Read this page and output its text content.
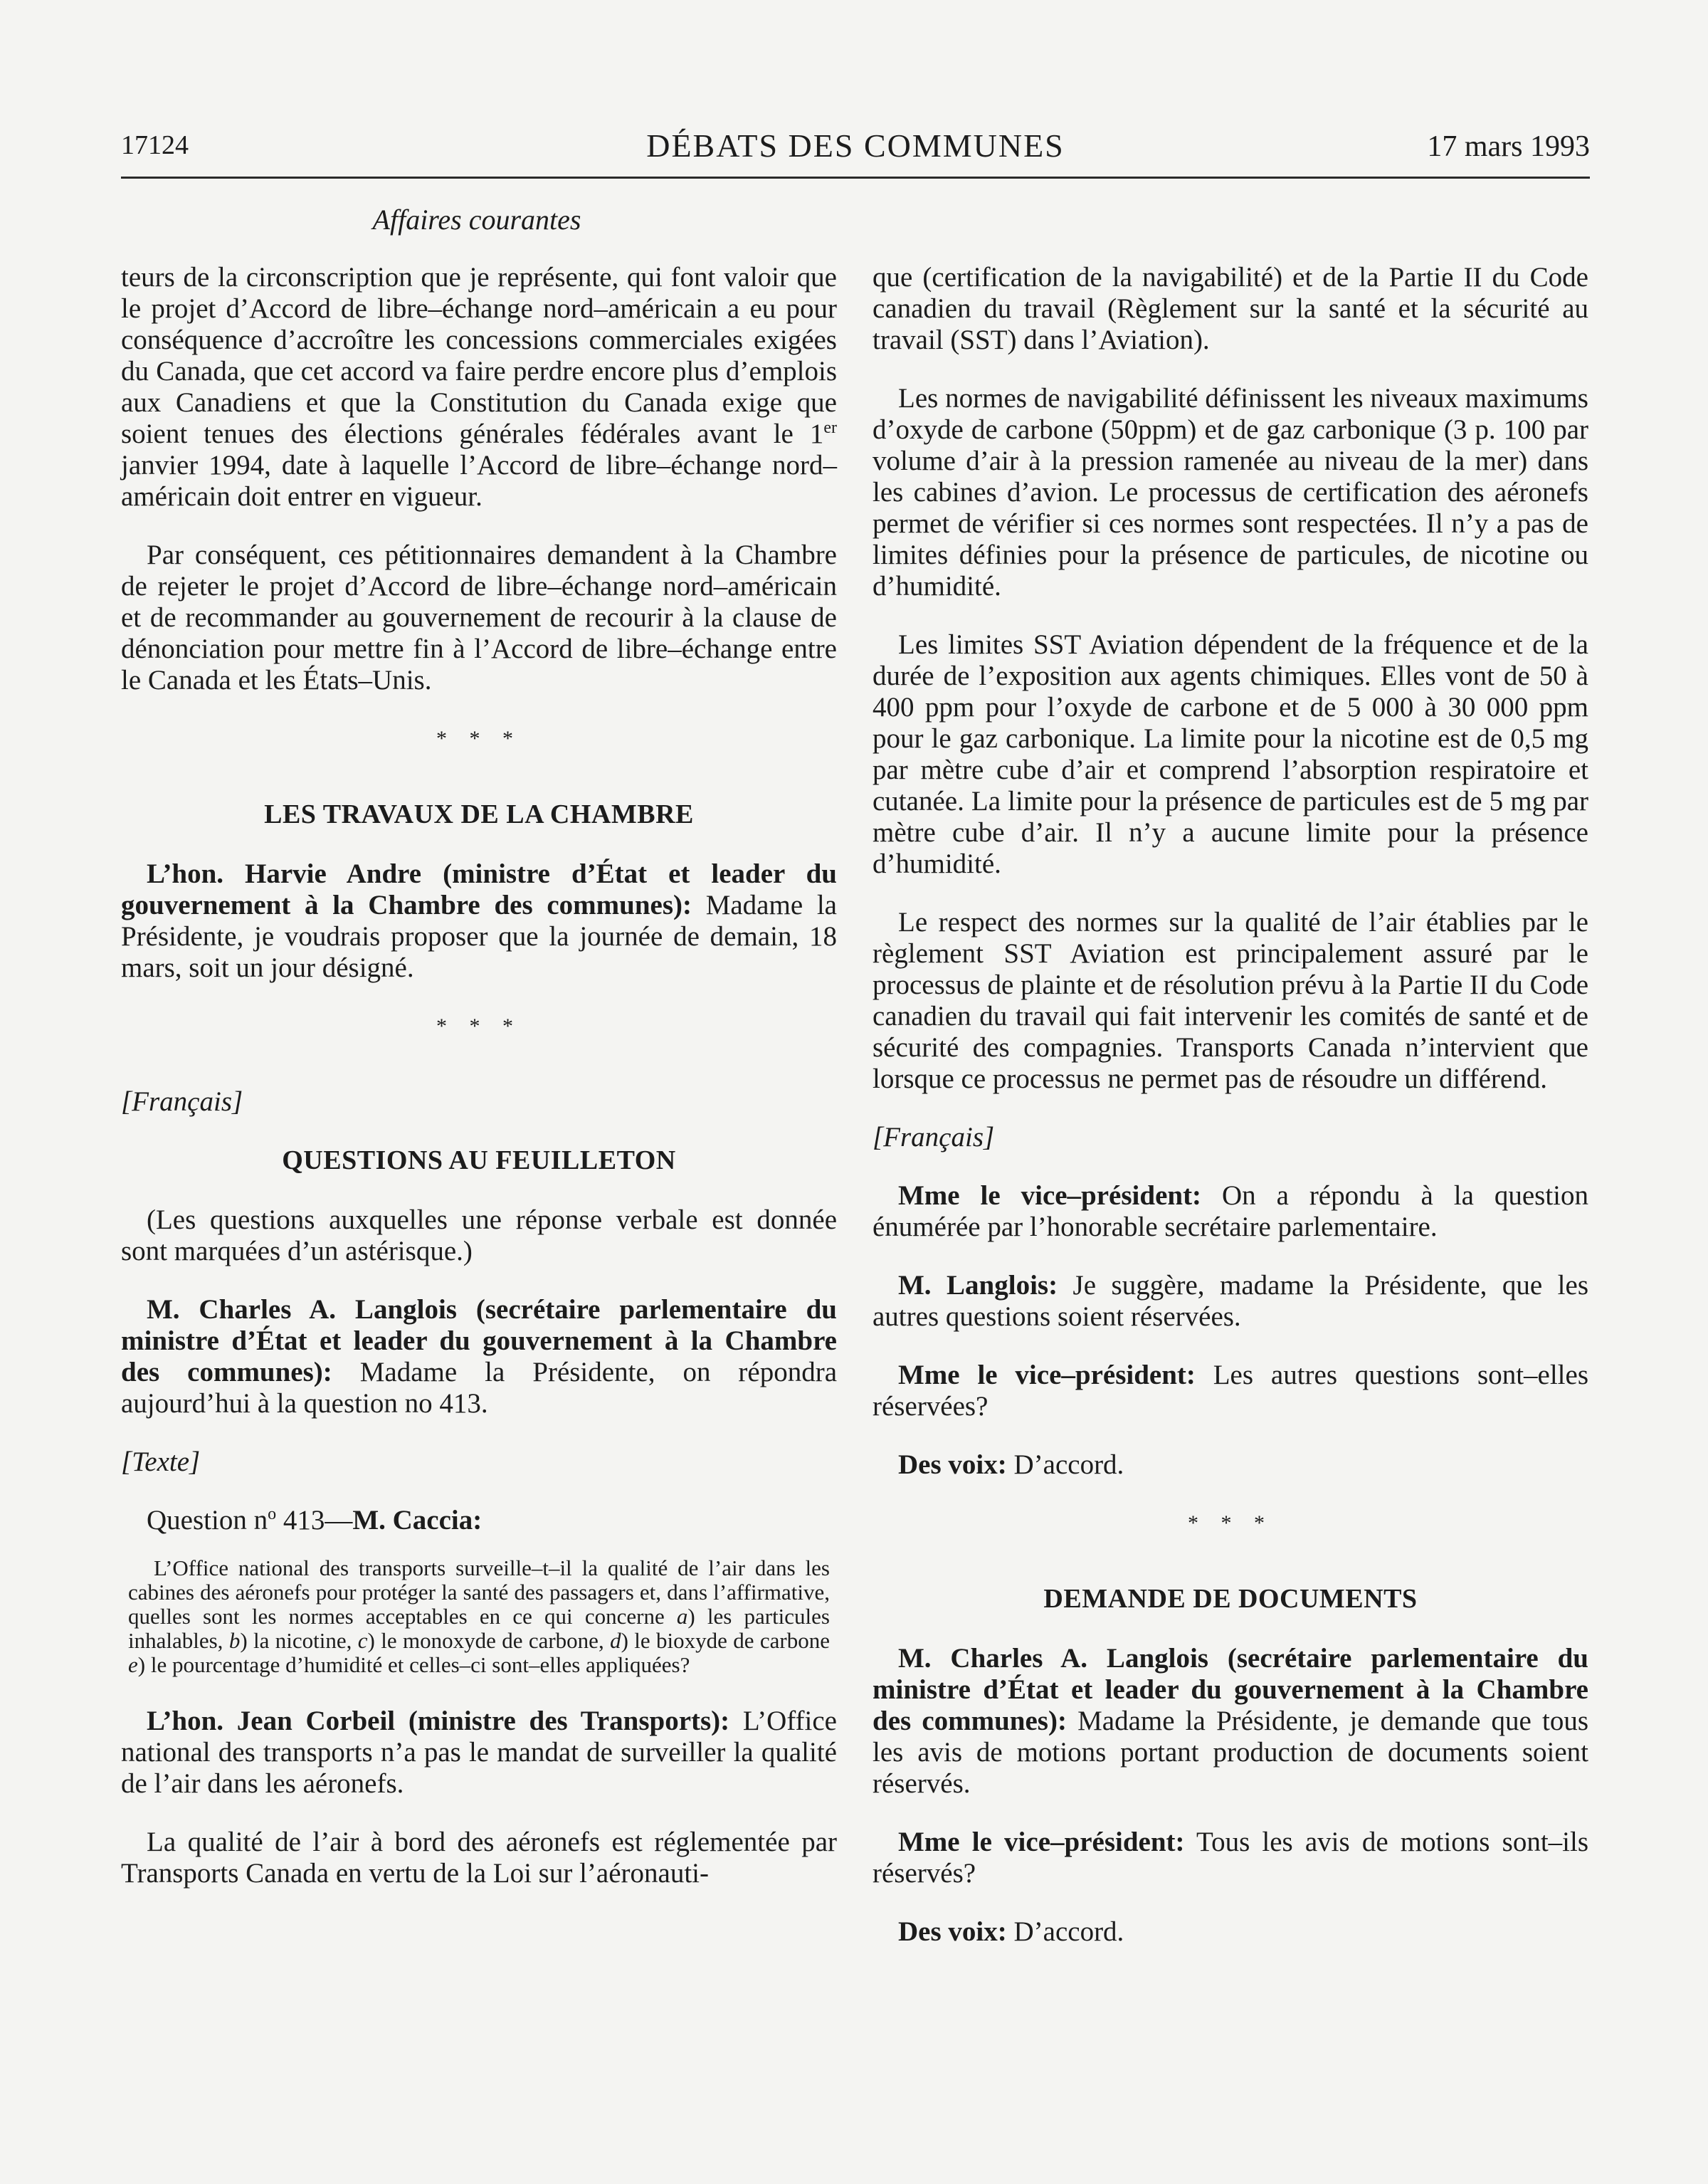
17124	DÉBATS DES COMMUNES	17 mars 1993
Affaires courantes

teurs de la circonscription que je représente, qui font valoir que le projet d’Accord de libre–échange nord–américain a eu pour conséquence d’accroître les concessions commerciales exigées du Canada, que cet accord va faire perdre encore plus d’emplois aux Canadiens et que la Constitution du Canada exige que soient tenues des élections générales fédérales avant le 1er janvier 1994, date à laquelle l’Accord de libre–échange nord–américain doit entrer en vigueur.

Par conséquent, ces pétitionnaires demandent à la Chambre de rejeter le projet d’Accord de libre–échange nord–américain et de recommander au gouvernement de recourir à la clause de dénonciation pour mettre fin à l’Accord de libre–échange entre le Canada et les États–Unis.

* * *
LES TRAVAUX DE LA CHAMBRE

L’hon. Harvie Andre (ministre d’État et leader du gouvernement à la Chambre des communes): Madame la Présidente, je voudrais proposer que la journée de demain, 18 mars, soit un jour désigné.

* * *
[Français]
QUESTIONS AU FEUILLETON

(Les questions auxquelles une réponse verbale est donnée sont marquées d’un astérisque.)

M. Charles A. Langlois (secrétaire parlementaire du ministre d’État et leader du gouvernement à la Chambre des communes): Madame la Présidente, on répondra aujourd’hui à la question no 413.

[Texte]
Question $n^o$ 413—M. Caccia:

L’Office national des transports surveille–t–il la qualité de l’air dans les cabines des aéronefs pour protéger la santé des passagers et, dans l’affirmative, quelles sont les normes acceptables en ce qui concerne a) les particules inhalables, b) la nicotine, c) le monoxyde de carbone, d) le bioxyde de carbone e) le pourcentage d’humidité et celles–ci sont–elles appliquées?

L’hon. Jean Corbeil (ministre des Transports): L’Office national des transports n’a pas le mandat de surveiller la qualité de l’air dans les aéronefs.

La qualité de l’air à bord des aéronefs est réglementée par Transports Canada en vertu de la Loi sur l’aéronauti-

que (certification de la navigabilité) et de la Partie II du Code canadien du travail (Règlement sur la santé et la sécurité au travail (SST) dans l’Aviation).

Les normes de navigabilité définissent les niveaux maximums d’oxyde de carbone (50ppm) et de gaz carbonique (3 p. 100 par volume d’air à la pression ramenée au niveau de la mer) dans les cabines d’avion. Le processus de certification des aéronefs permet de vérifier si ces normes sont respectées. Il n’y a pas de limites définies pour la présence de particules, de nicotine ou d’humidité.

Les limites SST Aviation dépendent de la fréquence et de la durée de l’exposition aux agents chimiques. Elles vont de 50 à 400 ppm pour l’oxyde de carbone et de 5 000 à 30 000 ppm pour le gaz carbonique. La limite pour la nicotine est de 0,5 mg par mètre cube d’air et comprend l’absorption respiratoire et cutanée. La limite pour la présence de particules est de 5 mg par mètre cube d’air. Il n’y a aucune limite pour la présence d’humidité.

Le respect des normes sur la qualité de l’air établies par le règlement SST Aviation est principalement assuré par le processus de plainte et de résolution prévu à la Partie II du Code canadien du travail qui fait intervenir les comités de santé et de sécurité des compagnies. Transports Canada n’intervient que lorsque ce processus ne permet pas de résoudre un différend.

[Français]

Mme le vice–président: On a répondu à la question énumérée par l’honorable secrétaire parlementaire.

M. Langlois: Je suggère, madame la Présidente, que les autres questions soient réservées.

Mme le vice–président: Les autres questions sont–elles réservées?

Des voix: D’accord.

* * *
DEMANDE DE DOCUMENTS

M. Charles A. Langlois (secrétaire parlementaire du ministre d’État et leader du gouvernement à la Chambre des communes): Madame la Présidente, je demande que tous les avis de motions portant production de documents soient réservés.

Mme le vice–président: Tous les avis de motions sont–ils réservés?

Des voix: D’accord.
